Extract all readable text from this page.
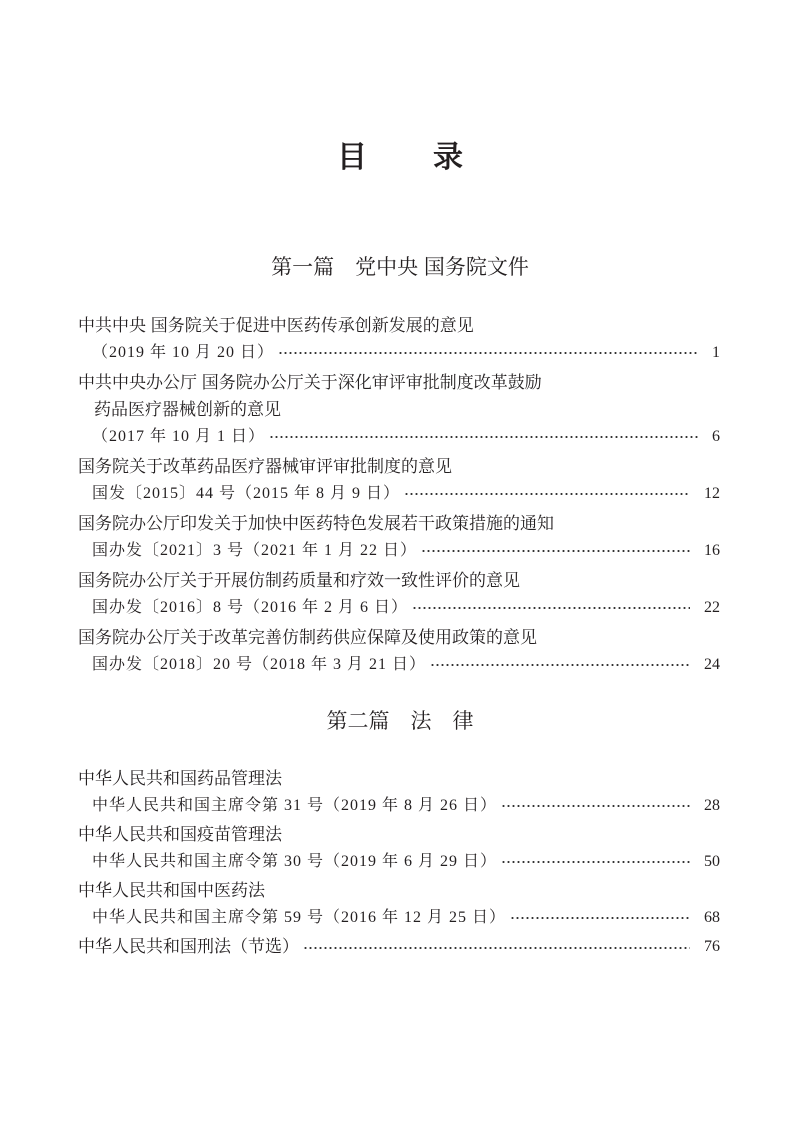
目　录
第一篇　党中央 国务院文件
中共中央 国务院关于促进中医药传承创新发展的意见
（2019 年 10 月 20 日）	1
中共中央办公厅 国务院办公厅关于深化审评审批制度改革鼓励
药品医疗器械创新的意见
（2017 年 10 月 1 日）	6
国务院关于改革药品医疗器械审评审批制度的意见
国发〔2015〕44 号（2015 年 8 月 9 日）	12
国务院办公厅印发关于加快中医药特色发展若干政策措施的通知
国办发〔2021〕3 号（2021 年 1 月 22 日）	16
国务院办公厅关于开展仿制药质量和疗效一致性评价的意见
国办发〔2016〕8 号（2016 年 2 月 6 日）	22
国务院办公厅关于改革完善仿制药供应保障及使用政策的意见
国办发〔2018〕20 号（2018 年 3 月 21 日）	24
第二篇　法　律
中华人民共和国药品管理法
中华人民共和国主席令第 31 号（2019 年 8 月 26 日）	28
中华人民共和国疫苗管理法
中华人民共和国主席令第 30 号（2019 年 6 月 29 日）	50
中华人民共和国中医药法
中华人民共和国主席令第 59 号（2016 年 12 月 25 日）	68
中华人民共和国刑法（节选）	76
